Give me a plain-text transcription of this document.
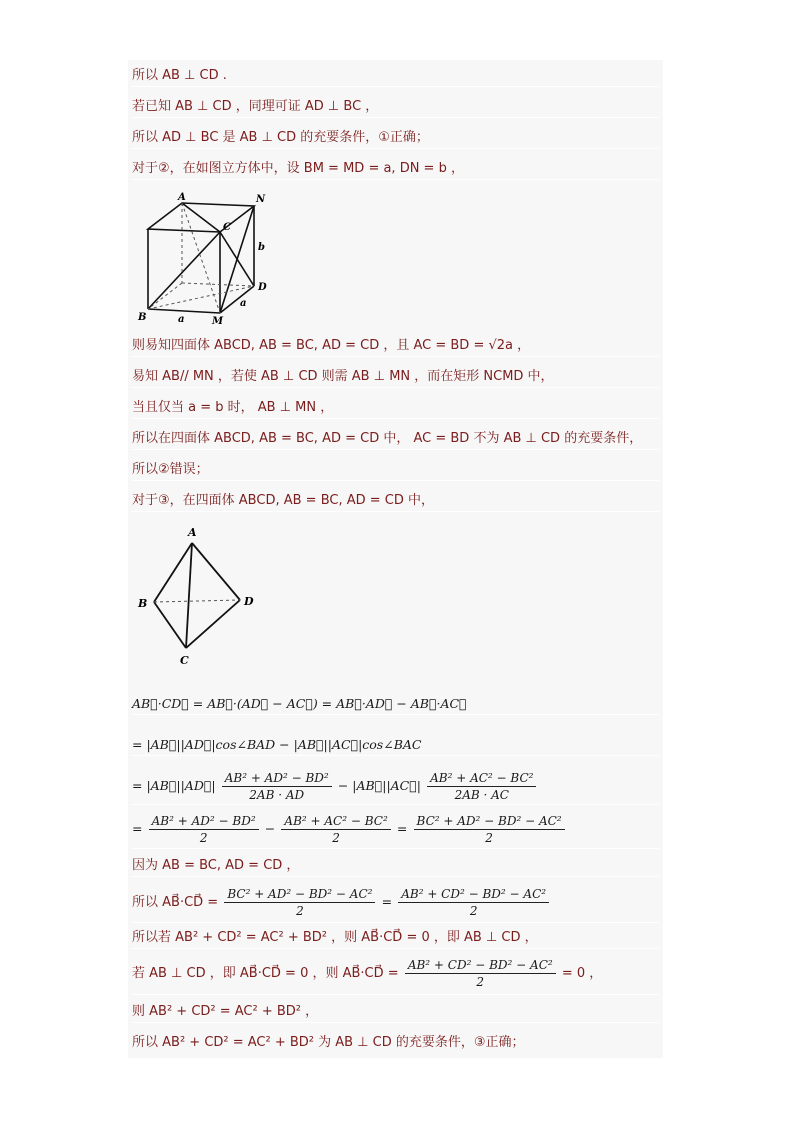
所以 AB ⊥ CD .
若已知 AB ⊥ CD ，同理可证 AD ⊥ BC ，
所以 AD ⊥ BC 是 AB ⊥ CD 的充要条件，①正确；
对于②，在如图立方体中，设 BM = MD = a, DN = b ，
A	N
C
b
D
a
B	a	M
则易知四面体 ABCD, AB = BC, AD = CD ，且 AC = BD = √2a ，
易知 AB// MN ，若使 AB ⊥ CD 则需 AB ⊥ MN ，而在矩形 NCMD 中，
当且仅当 a = b 时， AB ⊥ MN ，
所以在四面体 ABCD, AB = BC, AD = CD 中， AC = BD 不为 AB ⊥ CD 的充要条件，
所以②错误；
对于③，在四面体 ABCD, AB = BC, AD = CD 中，
A
B	D
C
AB⃗·CD⃗ = AB⃗·(AD⃗ − AC⃗) = AB⃗·AD⃗ − AB⃗·AC⃗
= |AB⃗||AD⃗|cos∠BAD − |AB⃗||AC⃗|cos∠BAC
= |AB⃗||AD⃗| $\frac{\text{AB² + AD² − BD²}}{2AB \cdot AD}$ − |AB⃗||AC⃗| $\frac{\text{AB² + AC² − BC²}}{2AB \cdot AC}$
= $\frac{\text{AB² + AD² − BD²}}{2} - \frac{\text{AB² + AC² − BC²}}{2} = \frac{\text{BC² + AD² − BD² − AC²}}{2}$
因为 AB = BC, AD = CD ，
所以 AB⃗·CD⃗ = $\frac{\text{BC² + AD² − BD² − AC²}}{2} = \frac{\text{AB² + CD² − BD² − AC²}}{2}$
所以若 AB² + CD² = AC² + BD² ，则 AB⃗·CD⃗ = 0 ，即 AB ⊥ CD ，
若 AB ⊥ CD ，即 AB⃗·CD⃗ = 0 ，则 AB⃗·CD⃗ = $\frac{\text{AB² + CD² − BD² − AC²}}{2} = 0$ ，
则 AB² + CD² = AC² + BD² ，
所以 AB² + CD² = AC² + BD² 为 AB ⊥ CD 的充要条件，③正确；
